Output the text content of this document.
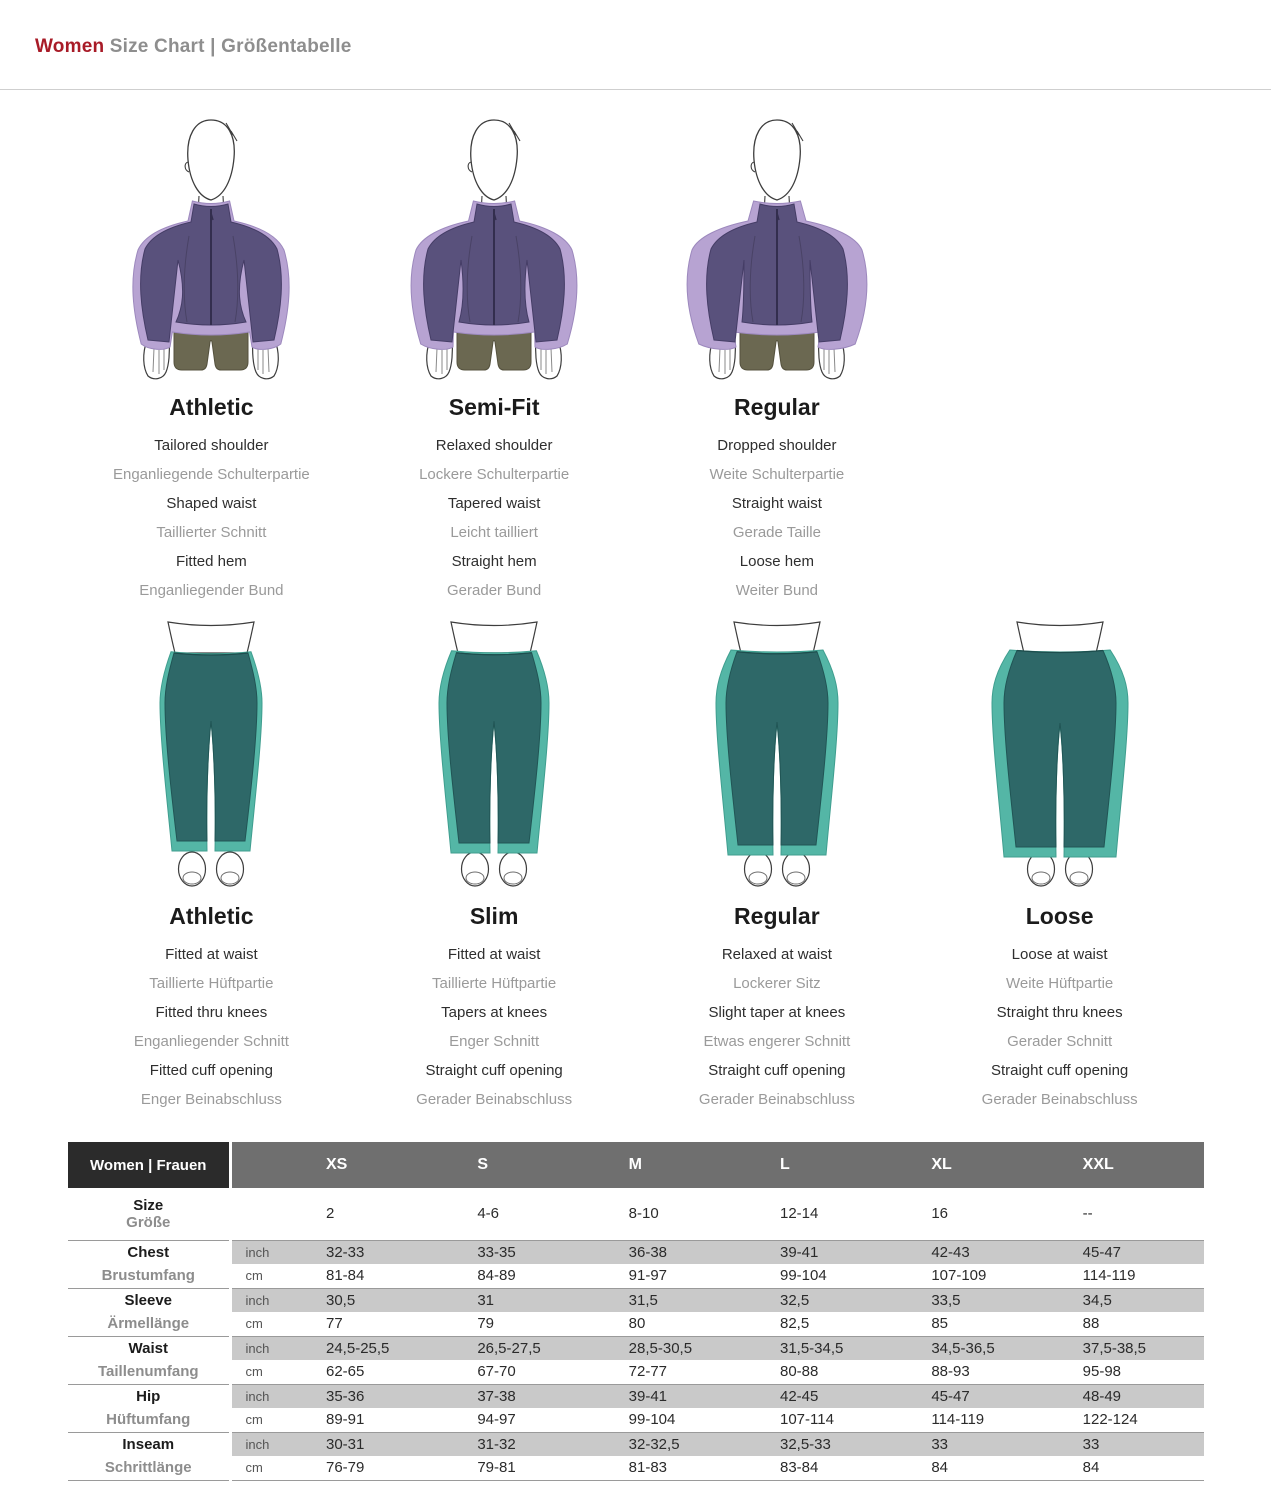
Women Size Chart | Größentabelle
Athletic

Tailored shoulder

Enganliegende Schulterpartie

Shaped waist

Taillierter Schnitt

Fitted hem

Enganliegender Bund

Semi-Fit

Relaxed shoulder

Lockere Schulterpartie

Tapered waist

Leicht tailliert

Straight hem

Gerader Bund

Regular

Dropped shoulder

Weite Schulterpartie

Straight waist

Gerade Taille

Loose hem

Weiter Bund

Athletic

Fitted at waist

Taillierte Hüftpartie

Fitted thru knees

Enganliegender Schnitt

Fitted cuff opening

Enger Beinabschluss

Slim

Fitted at waist

Taillierte Hüftpartie

Tapers at knees

Enger Schnitt

Straight cuff opening

Gerader Beinabschluss

Regular

Relaxed at waist

Lockerer Sitz

Slight taper at knees

Etwas engerer Schnitt

Straight cuff opening

Gerader Beinabschluss

Loose

Loose at waist

Weite Hüftpartie

Straight thru knees

Gerader Schnitt

Straight cuff opening

Gerader Beinabschluss

Women | Frauen		XS	S	M	L	XL	XXL

Size
Größe		2	4-6	8-10	12-14	16	--
Chest	inch	32-33	33-35	36-38	39-41	42-43	45-47
Brustumfang	cm	81-84	84-89	91-97	99-104	107-109	114-119
Sleeve	inch	30,5	31	31,5	32,5	33,5	34,5
Ärmellänge	cm	77	79	80	82,5	85	88
Waist	inch	24,5-25,5	26,5-27,5	28,5-30,5	31,5-34,5	34,5-36,5	37,5-38,5
Taillenumfang	cm	62-65	67-70	72-77	80-88	88-93	95-98
Hip	inch	35-36	37-38	39-41	42-45	45-47	48-49
Hüftumfang	cm	89-91	94-97	99-104	107-114	114-119	122-124
Inseam	inch	30-31	31-32	32-32,5	32,5-33	33	33
Schrittlänge	cm	76-79	79-81	81-83	83-84	84	84
